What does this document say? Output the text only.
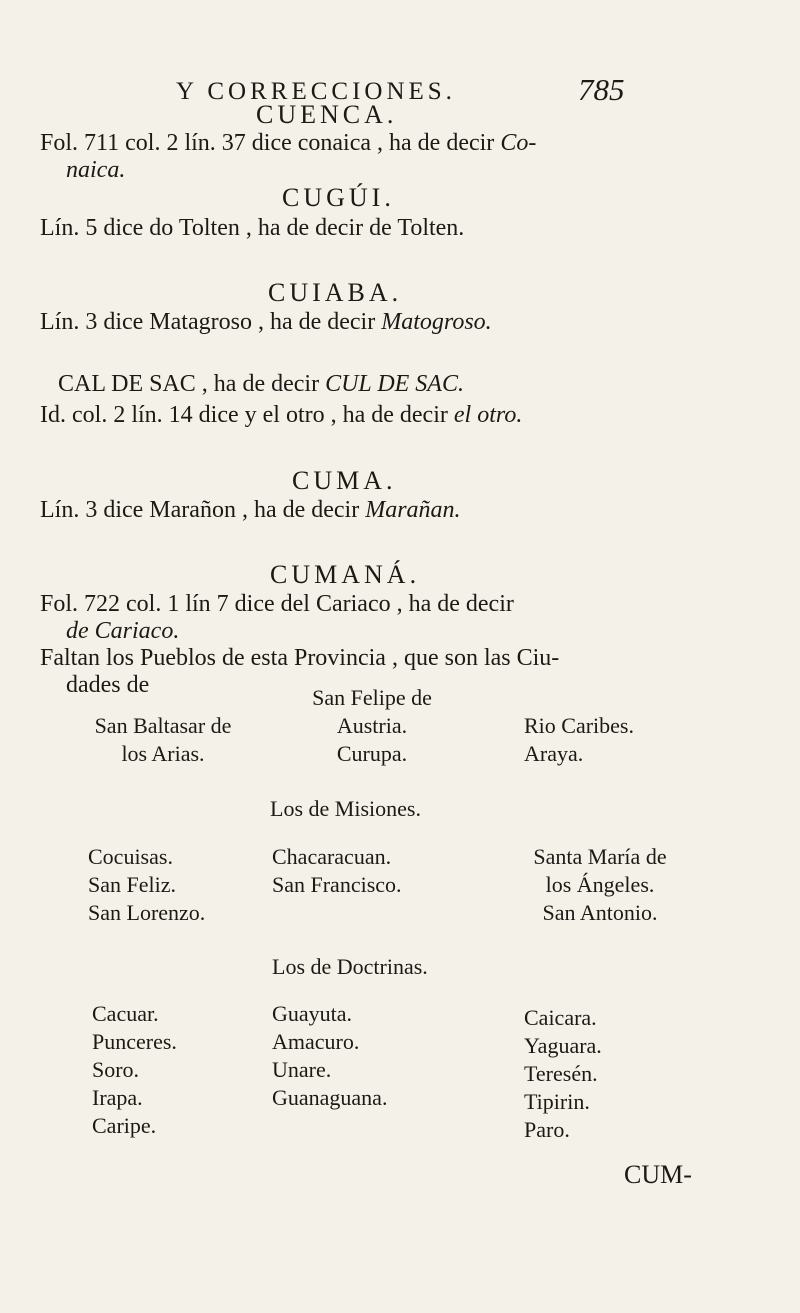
Y CORRECCIONES.	785
CUENCA.
Fol. 711 col. 2 lín. 37 dice conaica , ha de decir Co-
naica.
CUGÚI.
Lín. 5 dice do Tolten , ha de decir de Tolten.
CUIABA.
Lín. 3 dice Matagroso , ha de decir Matogroso.
CAL DE SAC , ha de decir CUL DE SAC.
Id. col. 2 lín. 14 dice y el otro , ha de decir el otro.
CUMA.
Lín. 3 dice Marañon , ha de decir Marañan.
CUMANÁ.
Fol. 722 col. 1 lín 7 dice del Cariaco , ha de decir
de Cariaco.
Faltan los Pueblos de esta Provincia , que son las Ciu-
dades de
San Baltasar de
los Arias.
San Felipe de
Austria.
Curupa.
Rio Caribes.
Araya.
Los de Misiones.
Cocuisas.
San Feliz.
San Lorenzo.
Chacaracuan.
San Francisco.
Santa María de
los Ángeles.
San Antonio.
Los de Doctrinas.
Cacuar.
Punceres.
Soro.
Irapa.
Caripe.
Guayuta.
Amacuro.
Unare.
Guanaguana.
Caicara.
Yaguara.
Teresén.
Tipirin.
Paro.
CUM-
